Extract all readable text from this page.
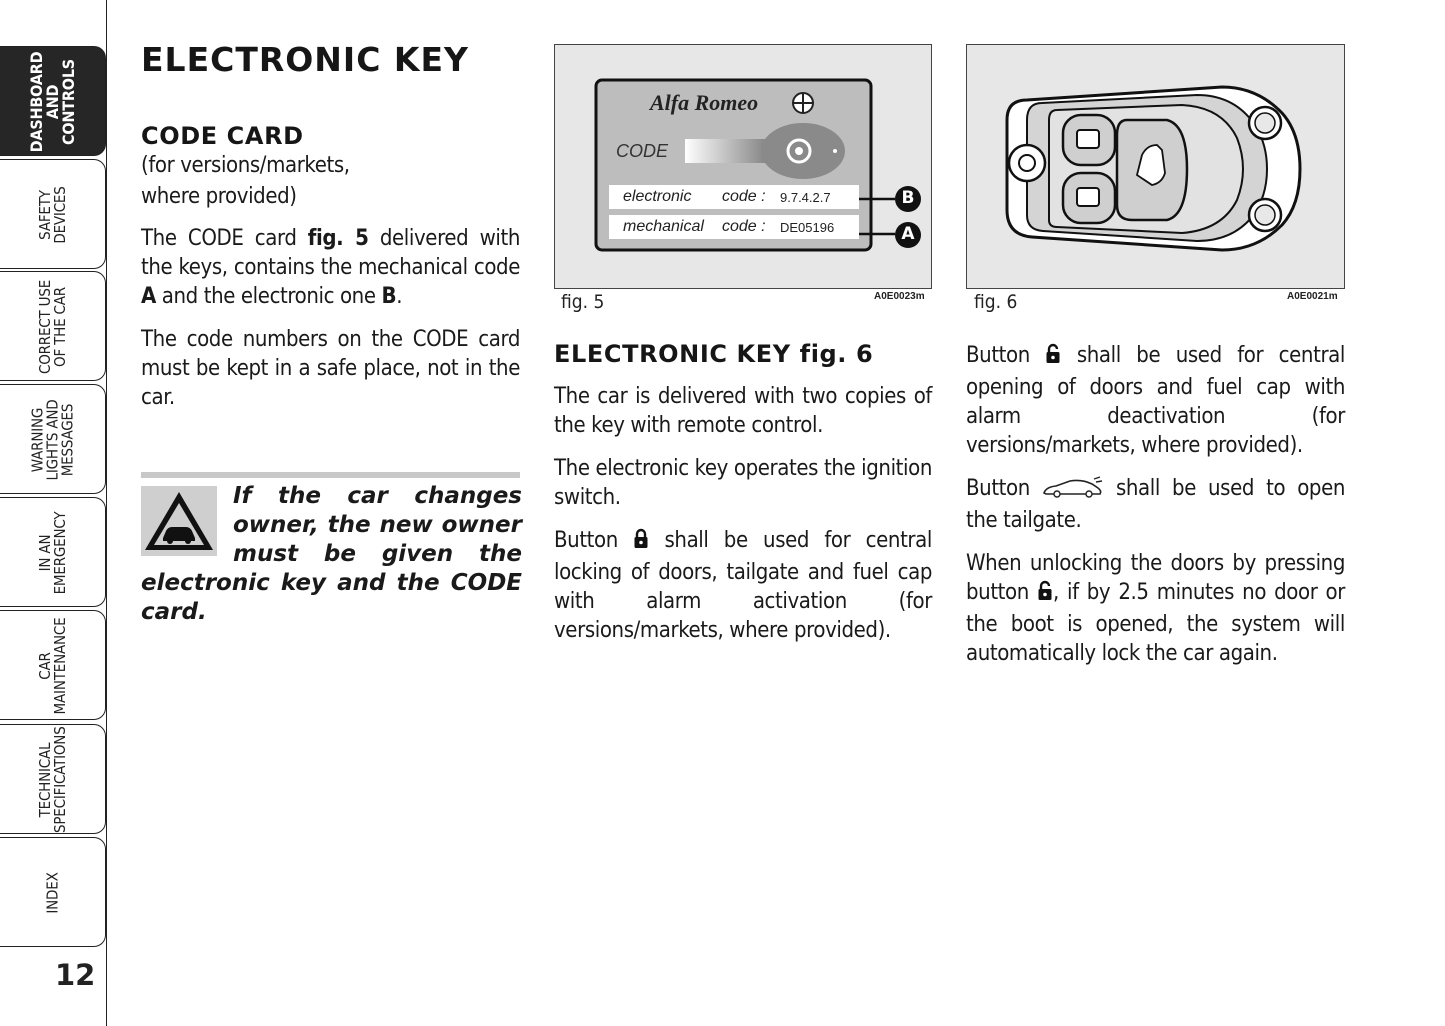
DASHBOARD
AND
CONTROLS
SAFETY
DEVICES
CORRECT USE
OF THE CAR
WARNING
LIGHTS AND
MESSAGES
IN AN
EMERGENCY
CAR
MAINTENANCE
TECHNICAL
SPECIFICATIONS
INDEX
12
ELECTRONIC KEY
CODE CARD
(for versions/markets,
where provided)

The CODE card fig. 5 delivered with the keys, contains the mechanical code A and the electronic one B.

The code numbers on the CODE card must be kept in a safe place, not in the car.

If the car changes owner, the new owner must be given the electronic key and the CODE card.
Alfa Romeo
CODE
electronic code : 9.7.4.2.7
mechanical code : DE05196
B
A
fig. 5	A0E0023m
ELECTRONIC KEY fig. 6

The car is delivered with two copies of the key with remote control.

The electronic key operates the ignition switch.

Button  shall be used for central locking of doors, tailgate and fuel cap with alarm activation (for versions/markets, where provided).

fig. 6	A0E0021m

Button  shall be used for central opening of doors and fuel cap with alarm deactivation (for versions/markets, where provided).

Button	shall be used to open the tailgate.

When unlocking the doors by pressing button , if by 2.5 minutes no door or the boot is opened, the system will automatically lock the car again.
